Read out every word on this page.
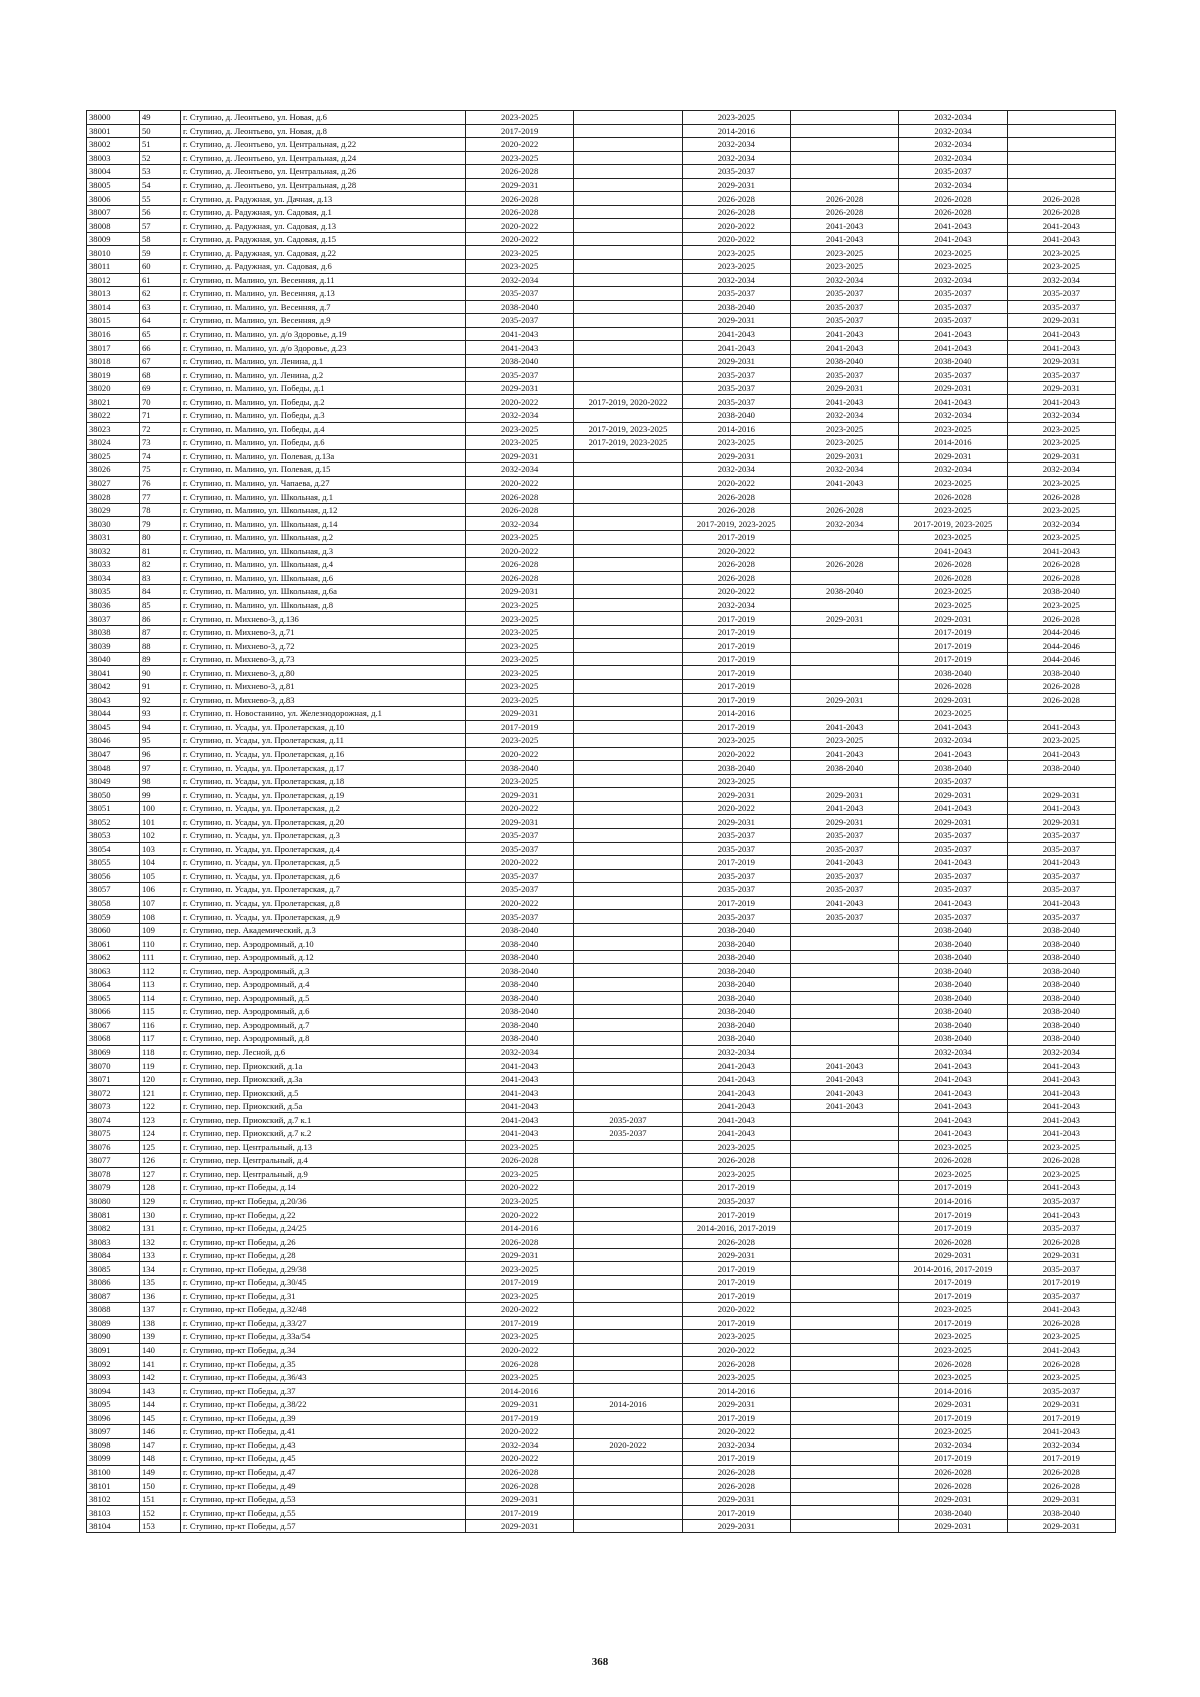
38000	49	г. Ступино, д. Леонтьево, ул. Новая, д.6	2023-2025		2023-2025		2032-2034	
38001	50	г. Ступино, д. Леонтьево, ул. Новая, д.8	2017-2019		2014-2016		2032-2034	
38002	51	г. Ступино, д. Леонтьево, ул. Центральная, д.22	2020-2022		2032-2034		2032-2034	
38003	52	г. Ступино, д. Леонтьево, ул. Центральная, д.24	2023-2025		2032-2034		2032-2034	
38004	53	г. Ступино, д. Леонтьево, ул. Центральная, д.26	2026-2028		2035-2037		2035-2037	
38005	54	г. Ступино, д. Леонтьево, ул. Центральная, д.28	2029-2031		2029-2031		2032-2034	
38006	55	г. Ступино, д. Радужная, ул. Дачная, д.13	2026-2028		2026-2028	2026-2028	2026-2028	2026-2028
38007	56	г. Ступино, д. Радужная, ул. Садовая, д.1	2026-2028		2026-2028	2026-2028	2026-2028	2026-2028
38008	57	г. Ступино, д. Радужная, ул. Садовая, д.13	2020-2022		2020-2022	2041-2043	2041-2043	2041-2043
38009	58	г. Ступино, д. Радужная, ул. Садовая, д.15	2020-2022		2020-2022	2041-2043	2041-2043	2041-2043
38010	59	г. Ступино, д. Радужная, ул. Садовая, д.22	2023-2025		2023-2025	2023-2025	2023-2025	2023-2025
38011	60	г. Ступино, д. Радужная, ул. Садовая, д.6	2023-2025		2023-2025	2023-2025	2023-2025	2023-2025
38012	61	г. Ступино, п. Малино, ул. Весенняя, д.11	2032-2034		2032-2034	2032-2034	2032-2034	2032-2034
38013	62	г. Ступино, п. Малино, ул. Весенняя, д.13	2035-2037		2035-2037	2035-2037	2035-2037	2035-2037
38014	63	г. Ступино, п. Малино, ул. Весенняя, д.7	2038-2040		2038-2040	2035-2037	2035-2037	2035-2037
38015	64	г. Ступино, п. Малино, ул. Весенняя, д.9	2035-2037		2029-2031	2035-2037	2035-2037	2029-2031
38016	65	г. Ступино, п. Малино, ул. д/о Здоровье, д.19	2041-2043		2041-2043	2041-2043	2041-2043	2041-2043
38017	66	г. Ступино, п. Малино, ул. д/о Здоровье, д.23	2041-2043		2041-2043	2041-2043	2041-2043	2041-2043
38018	67	г. Ступино, п. Малино, ул. Ленина, д.1	2038-2040		2029-2031	2038-2040	2038-2040	2029-2031
38019	68	г. Ступино, п. Малино, ул. Ленина, д.2	2035-2037		2035-2037	2035-2037	2035-2037	2035-2037
38020	69	г. Ступино, п. Малино, ул. Победы, д.1	2029-2031		2035-2037	2029-2031	2029-2031	2029-2031
38021	70	г. Ступино, п. Малино, ул. Победы, д.2	2020-2022	2017-2019, 2020-2022	2035-2037	2041-2043	2041-2043	2041-2043
38022	71	г. Ступино, п. Малино, ул. Победы, д.3	2032-2034		2038-2040	2032-2034	2032-2034	2032-2034
38023	72	г. Ступино, п. Малино, ул. Победы, д.4	2023-2025	2017-2019, 2023-2025	2014-2016	2023-2025	2023-2025	2023-2025
38024	73	г. Ступино, п. Малино, ул. Победы, д.6	2023-2025	2017-2019, 2023-2025	2023-2025	2023-2025	2014-2016	2023-2025
38025	74	г. Ступино, п. Малино, ул. Полевая, д.13а	2029-2031		2029-2031	2029-2031	2029-2031	2029-2031
38026	75	г. Ступино, п. Малино, ул. Полевая, д.15	2032-2034		2032-2034	2032-2034	2032-2034	2032-2034
38027	76	г. Ступино, п. Малино, ул. Чапаева, д.27	2020-2022		2020-2022	2041-2043	2023-2025	2023-2025
38028	77	г. Ступино, п. Малино, ул. Школьная, д.1	2026-2028		2026-2028		2026-2028	2026-2028
38029	78	г. Ступино, п. Малино, ул. Школьная, д.12	2026-2028		2026-2028	2026-2028	2023-2025	2023-2025
38030	79	г. Ступино, п. Малино, ул. Школьная, д.14	2032-2034		2017-2019, 2023-2025	2032-2034	2017-2019, 2023-2025	2032-2034
38031	80	г. Ступино, п. Малино, ул. Школьная, д.2	2023-2025		2017-2019		2023-2025	2023-2025
38032	81	г. Ступино, п. Малино, ул. Школьная, д.3	2020-2022		2020-2022		2041-2043	2041-2043
38033	82	г. Ступино, п. Малино, ул. Школьная, д.4	2026-2028		2026-2028	2026-2028	2026-2028	2026-2028
38034	83	г. Ступино, п. Малино, ул. Школьная, д.6	2026-2028		2026-2028		2026-2028	2026-2028
38035	84	г. Ступино, п. Малино, ул. Школьная, д.6а	2029-2031		2020-2022	2038-2040	2023-2025	2038-2040
38036	85	г. Ступино, п. Малино, ул. Школьная, д.8	2023-2025		2032-2034		2023-2025	2023-2025
38037	86	г. Ступино, п. Михнево-3, д.136	2023-2025		2017-2019	2029-2031	2029-2031	2026-2028
38038	87	г. Ступино, п. Михнево-3, д.71	2023-2025		2017-2019		2017-2019	2044-2046
38039	88	г. Ступино, п. Михнево-3, д.72	2023-2025		2017-2019		2017-2019	2044-2046
38040	89	г. Ступино, п. Михнево-3, д.73	2023-2025		2017-2019		2017-2019	2044-2046
38041	90	г. Ступино, п. Михнево-3, д.80	2023-2025		2017-2019		2038-2040	2038-2040
38042	91	г. Ступино, п. Михнево-3, д.81	2023-2025		2017-2019		2026-2028	2026-2028
38043	92	г. Ступино, п. Михнево-3, д.83	2023-2025		2017-2019	2029-2031	2029-2031	2026-2028
38044	93	г. Ступино, п. Новостанино, ул. Железнодорожная, д.1	2029-2031		2014-2016		2023-2025	
38045	94	г. Ступино, п. Усады, ул. Пролетарская, д.10	2017-2019		2017-2019	2041-2043	2041-2043	2041-2043
38046	95	г. Ступино, п. Усады, ул. Пролетарская, д.11	2023-2025		2023-2025	2023-2025	2032-2034	2023-2025
38047	96	г. Ступино, п. Усады, ул. Пролетарская, д.16	2020-2022		2020-2022	2041-2043	2041-2043	2041-2043
38048	97	г. Ступино, п. Усады, ул. Пролетарская, д.17	2038-2040		2038-2040	2038-2040	2038-2040	2038-2040
38049	98	г. Ступино, п. Усады, ул. Пролетарская, д.18	2023-2025		2023-2025		2035-2037	
38050	99	г. Ступино, п. Усады, ул. Пролетарская, д.19	2029-2031		2029-2031	2029-2031	2029-2031	2029-2031
38051	100	г. Ступино, п. Усады, ул. Пролетарская, д.2	2020-2022		2020-2022	2041-2043	2041-2043	2041-2043
38052	101	г. Ступино, п. Усады, ул. Пролетарская, д.20	2029-2031		2029-2031	2029-2031	2029-2031	2029-2031
38053	102	г. Ступино, п. Усады, ул. Пролетарская, д.3	2035-2037		2035-2037	2035-2037	2035-2037	2035-2037
38054	103	г. Ступино, п. Усады, ул. Пролетарская, д.4	2035-2037		2035-2037	2035-2037	2035-2037	2035-2037
38055	104	г. Ступино, п. Усады, ул. Пролетарская, д.5	2020-2022		2017-2019	2041-2043	2041-2043	2041-2043
38056	105	г. Ступино, п. Усады, ул. Пролетарская, д.6	2035-2037		2035-2037	2035-2037	2035-2037	2035-2037
38057	106	г. Ступино, п. Усады, ул. Пролетарская, д.7	2035-2037		2035-2037	2035-2037	2035-2037	2035-2037
38058	107	г. Ступино, п. Усады, ул. Пролетарская, д.8	2020-2022		2017-2019	2041-2043	2041-2043	2041-2043
38059	108	г. Ступино, п. Усады, ул. Пролетарская, д.9	2035-2037		2035-2037	2035-2037	2035-2037	2035-2037
38060	109	г. Ступино, пер. Академический, д.3	2038-2040		2038-2040		2038-2040	2038-2040
38061	110	г. Ступино, пер. Аэродромный, д.10	2038-2040		2038-2040		2038-2040	2038-2040
38062	111	г. Ступино, пер. Аэродромный, д.12	2038-2040		2038-2040		2038-2040	2038-2040
38063	112	г. Ступино, пер. Аэродромный, д.3	2038-2040		2038-2040		2038-2040	2038-2040
38064	113	г. Ступино, пер. Аэродромный, д.4	2038-2040		2038-2040		2038-2040	2038-2040
38065	114	г. Ступино, пер. Аэродромный, д.5	2038-2040		2038-2040		2038-2040	2038-2040
38066	115	г. Ступино, пер. Аэродромный, д.6	2038-2040		2038-2040		2038-2040	2038-2040
38067	116	г. Ступино, пер. Аэродромный, д.7	2038-2040		2038-2040		2038-2040	2038-2040
38068	117	г. Ступино, пер. Аэродромный, д.8	2038-2040		2038-2040		2038-2040	2038-2040
38069	118	г. Ступино, пер. Лесной, д.6	2032-2034		2032-2034		2032-2034	2032-2034
38070	119	г. Ступино, пер. Приокский, д.1а	2041-2043		2041-2043	2041-2043	2041-2043	2041-2043
38071	120	г. Ступино, пер. Приокский, д.3а	2041-2043		2041-2043	2041-2043	2041-2043	2041-2043
38072	121	г. Ступино, пер. Приокский, д.5	2041-2043		2041-2043	2041-2043	2041-2043	2041-2043
38073	122	г. Ступино, пер. Приокский, д.5а	2041-2043		2041-2043	2041-2043	2041-2043	2041-2043
38074	123	г. Ступино, пер. Приокский, д.7 к.1	2041-2043	2035-2037	2041-2043		2041-2043	2041-2043
38075	124	г. Ступино, пер. Приокский, д.7 к.2	2041-2043	2035-2037	2041-2043		2041-2043	2041-2043
38076	125	г. Ступино, пер. Центральный, д.13	2023-2025		2023-2025		2023-2025	2023-2025
38077	126	г. Ступино, пер. Центральный, д.4	2026-2028		2026-2028		2026-2028	2026-2028
38078	127	г. Ступино, пер. Центральный, д.9	2023-2025		2023-2025		2023-2025	2023-2025
38079	128	г. Ступино, пр-кт Победы, д.14	2020-2022		2017-2019		2017-2019	2041-2043
38080	129	г. Ступино, пр-кт Победы, д.20/36	2023-2025		2035-2037		2014-2016	2035-2037
38081	130	г. Ступино, пр-кт Победы, д.22	2020-2022		2017-2019		2017-2019	2041-2043
38082	131	г. Ступино, пр-кт Победы, д.24/25	2014-2016		2014-2016, 2017-2019		2017-2019	2035-2037
38083	132	г. Ступино, пр-кт Победы, д.26	2026-2028		2026-2028		2026-2028	2026-2028
38084	133	г. Ступино, пр-кт Победы, д.28	2029-2031		2029-2031		2029-2031	2029-2031
38085	134	г. Ступино, пр-кт Победы, д.29/38	2023-2025		2017-2019		2014-2016, 2017-2019	2035-2037
38086	135	г. Ступино, пр-кт Победы, д.30/45	2017-2019		2017-2019		2017-2019	2017-2019
38087	136	г. Ступино, пр-кт Победы, д.31	2023-2025		2017-2019		2017-2019	2035-2037
38088	137	г. Ступино, пр-кт Победы, д.32/48	2020-2022		2020-2022		2023-2025	2041-2043
38089	138	г. Ступино, пр-кт Победы, д.33/27	2017-2019		2017-2019		2017-2019	2026-2028
38090	139	г. Ступино, пр-кт Победы, д.33а/54	2023-2025		2023-2025		2023-2025	2023-2025
38091	140	г. Ступино, пр-кт Победы, д.34	2020-2022		2020-2022		2023-2025	2041-2043
38092	141	г. Ступино, пр-кт Победы, д.35	2026-2028		2026-2028		2026-2028	2026-2028
38093	142	г. Ступино, пр-кт Победы, д.36/43	2023-2025		2023-2025		2023-2025	2023-2025
38094	143	г. Ступино, пр-кт Победы, д.37	2014-2016		2014-2016		2014-2016	2035-2037
38095	144	г. Ступино, пр-кт Победы, д.38/22	2029-2031	2014-2016	2029-2031		2029-2031	2029-2031
38096	145	г. Ступино, пр-кт Победы, д.39	2017-2019		2017-2019		2017-2019	2017-2019
38097	146	г. Ступино, пр-кт Победы, д.41	2020-2022		2020-2022		2023-2025	2041-2043
38098	147	г. Ступино, пр-кт Победы, д.43	2032-2034	2020-2022	2032-2034		2032-2034	2032-2034
38099	148	г. Ступино, пр-кт Победы, д.45	2020-2022		2017-2019		2017-2019	2017-2019
38100	149	г. Ступино, пр-кт Победы, д.47	2026-2028		2026-2028		2026-2028	2026-2028
38101	150	г. Ступино, пр-кт Победы, д.49	2026-2028		2026-2028		2026-2028	2026-2028
38102	151	г. Ступино, пр-кт Победы, д.53	2029-2031		2029-2031		2029-2031	2029-2031
38103	152	г. Ступино, пр-кт Победы, д.55	2017-2019		2017-2019		2038-2040	2038-2040
38104	153	г. Ступино, пр-кт Победы, д.57	2029-2031		2029-2031		2029-2031	2029-2031
368
